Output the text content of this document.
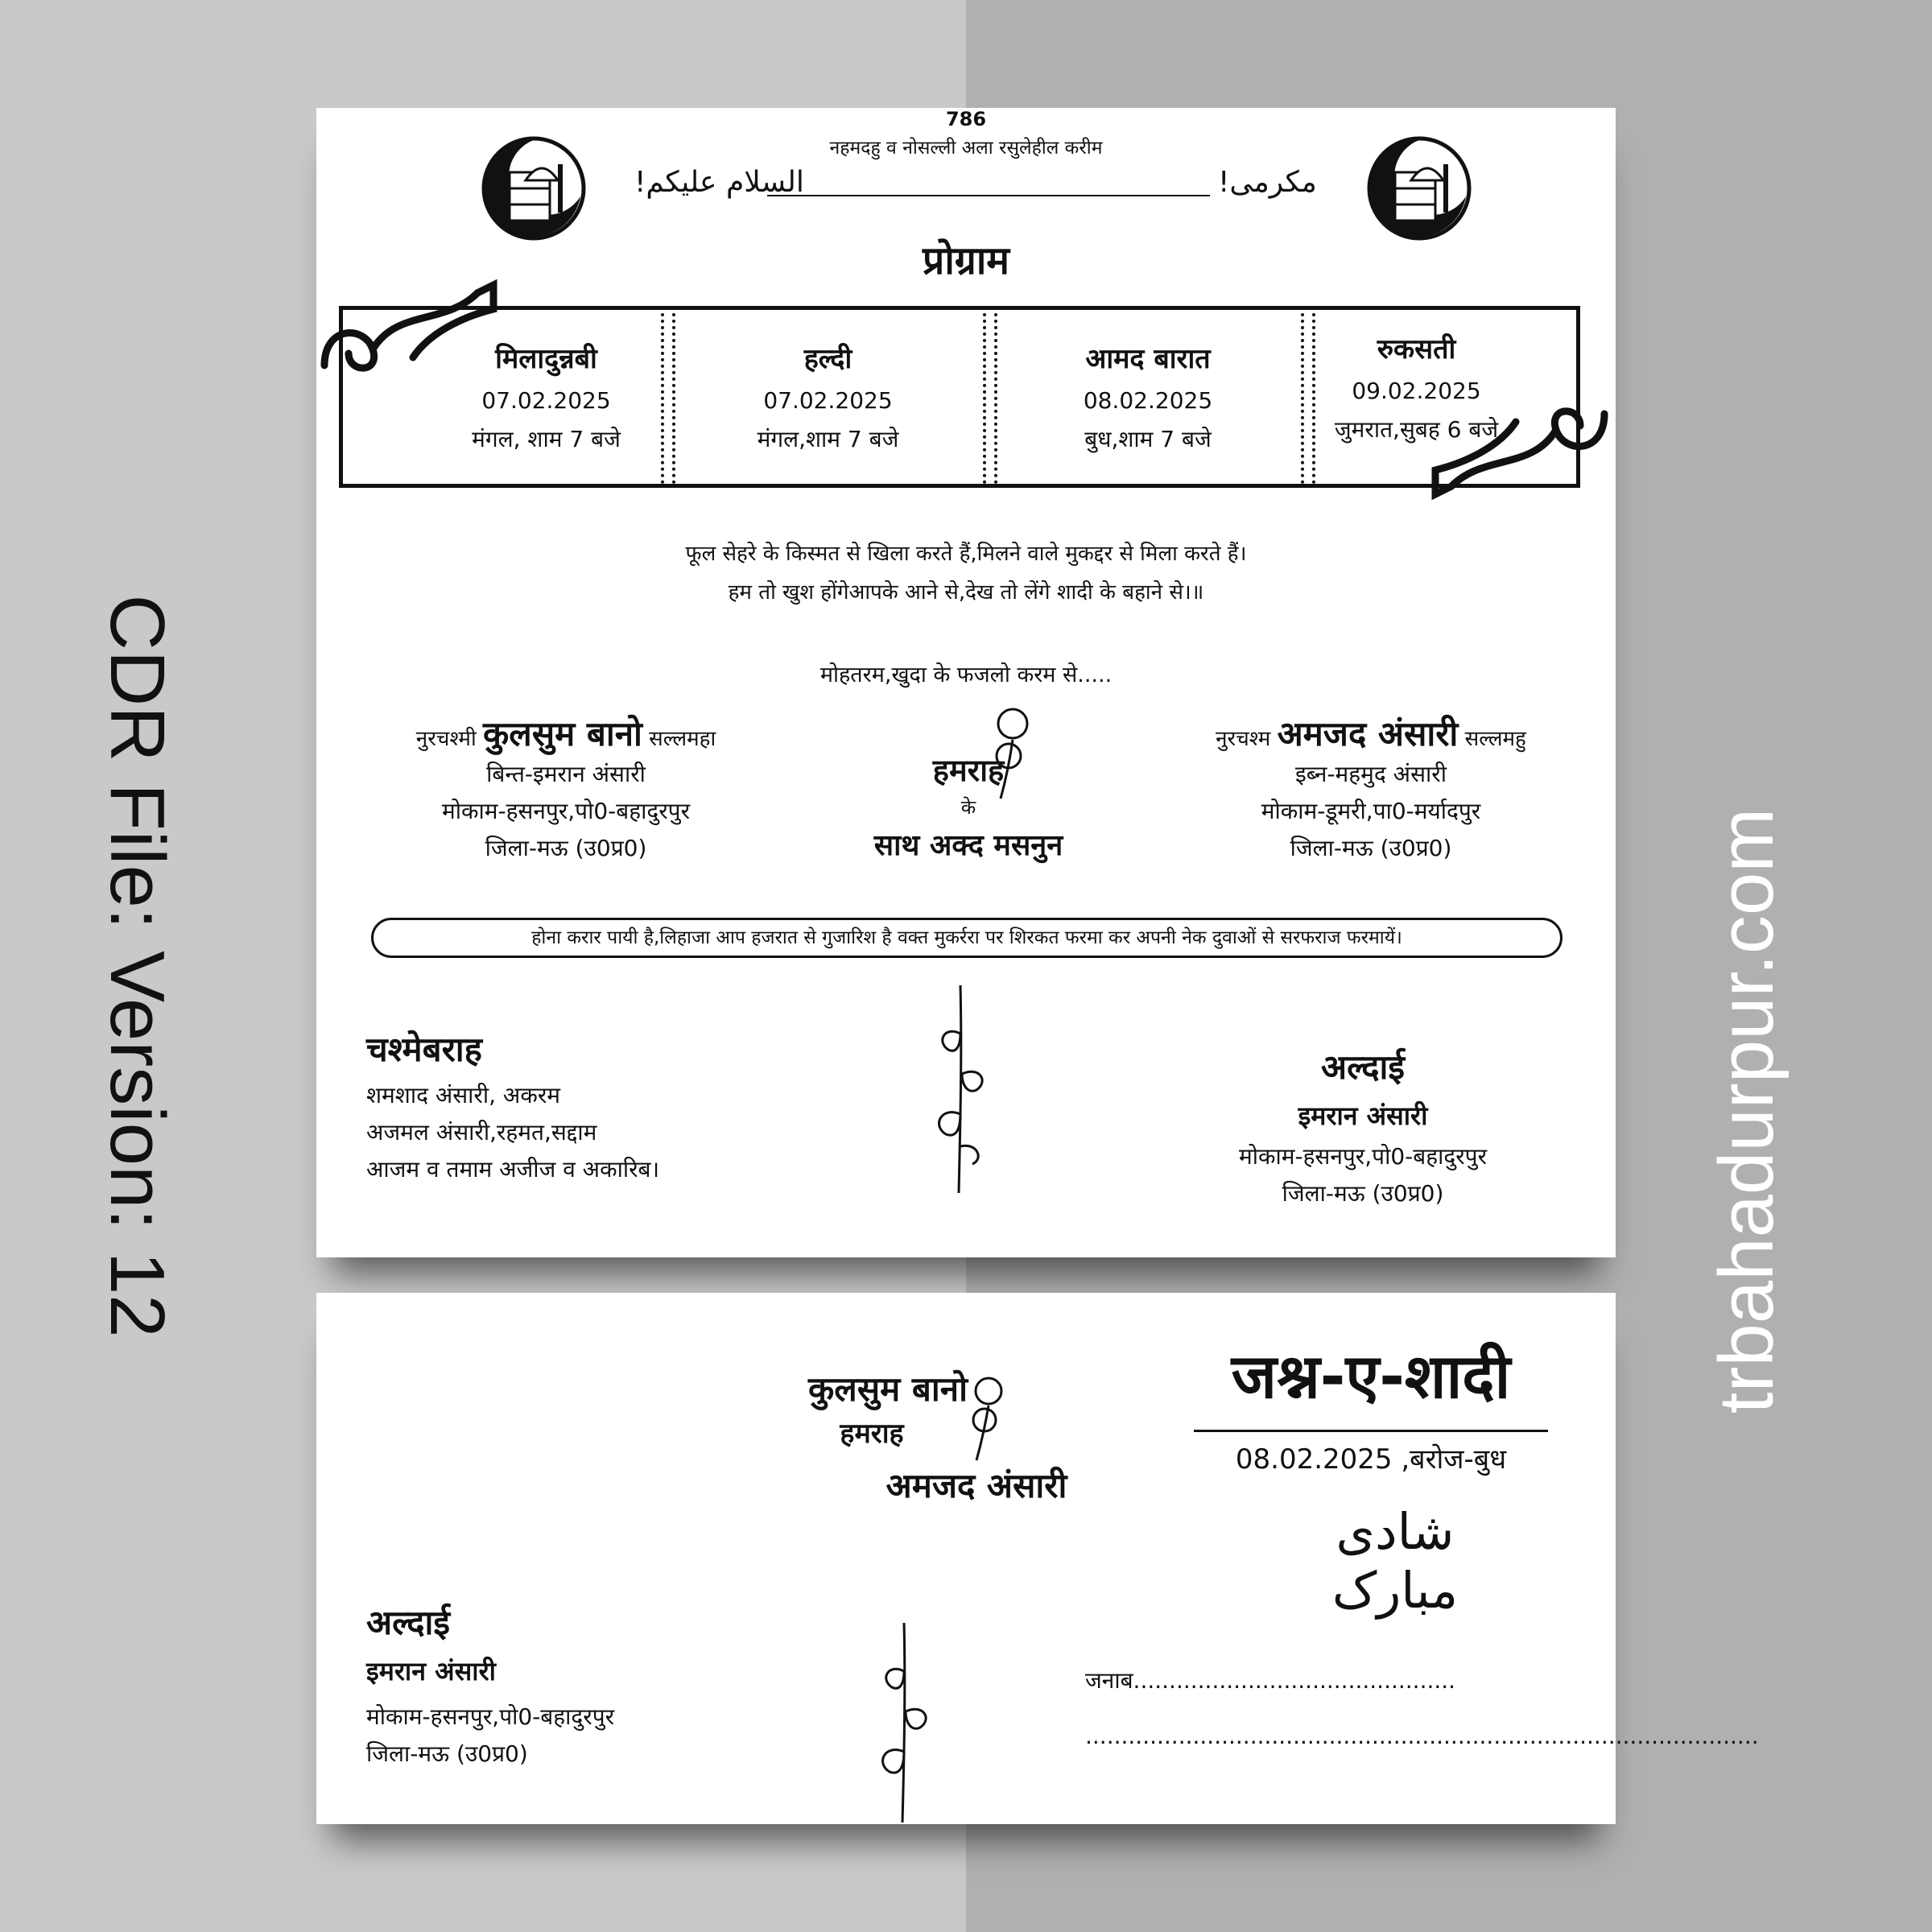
CDR File: Version: 12	trbahadurpur.com
786
नहमदहु व नोसल्ली अला रसुलेहील करीम
السلام علیکم!	مکرمی!
प्रोग्राम
मिलादुन्नबी
07.02.2025
मंगल, शाम 7 बजे
हल्दी
07.02.2025
मंगल,शाम 7 बजे
आमद बारात
08.02.2025
बुध,शाम 7 बजे
रुकसती
09.02.2025
जुमरात,सुबह 6 बजे
फूल सेहरे के किस्मत से खिला करते हैं,मिलने वाले मुकद्दर से मिला करते हैं।
हम तो खुश होंगेआपके आने से,देख तो लेंगे शादी के बहाने से।॥
मोहतरम,खुदा के फजलो करम से.....
नुरचश्मी कुलसुम बानो सल्लमहा
बिन्त-इमरान अंसारी
मोकाम-हसनपुर,पो0-बहादुरपुर
जिला-मऊ (उ0प्र0)
हमराह
के
साथ अक्द मसनुन
नुरचश्म अमजद अंसारी सल्लमहु
इब्न-महमुद अंसारी
मोकाम-डूमरी,पा0-मर्यादपुर
जिला-मऊ (उ0प्र0)
होना करार पायी है,लिहाजा आप हजरात से गुजारिश है वक्त मुकर्ररा पर शिरकत फरमा कर अपनी नेक दुवाओं से सरफराज फरमायें।
चश्मेबराह
शमशाद अंसारी, अकरम
अजमल अंसारी,रहमत,सद्दाम
आजम व तमाम अजीज व अकारिब।
अल्दाई
इमरान अंसारी
मोकाम-हसनपुर,पो0-बहादुरपुर
जिला-मऊ (उ0प्र0)
कुलसुम बानो
हमराह
अमजद अंसारी
जश्न-ए-शादी
08.02.2025 ,बरोज-बुध
شادی مبارک
अल्दाई
इमरान अंसारी
मोकाम-हसनपुर,पो0-बहादुरपुर
जिला-मऊ (उ0प्र0)
जनाब.............................................
..............................................................................................
